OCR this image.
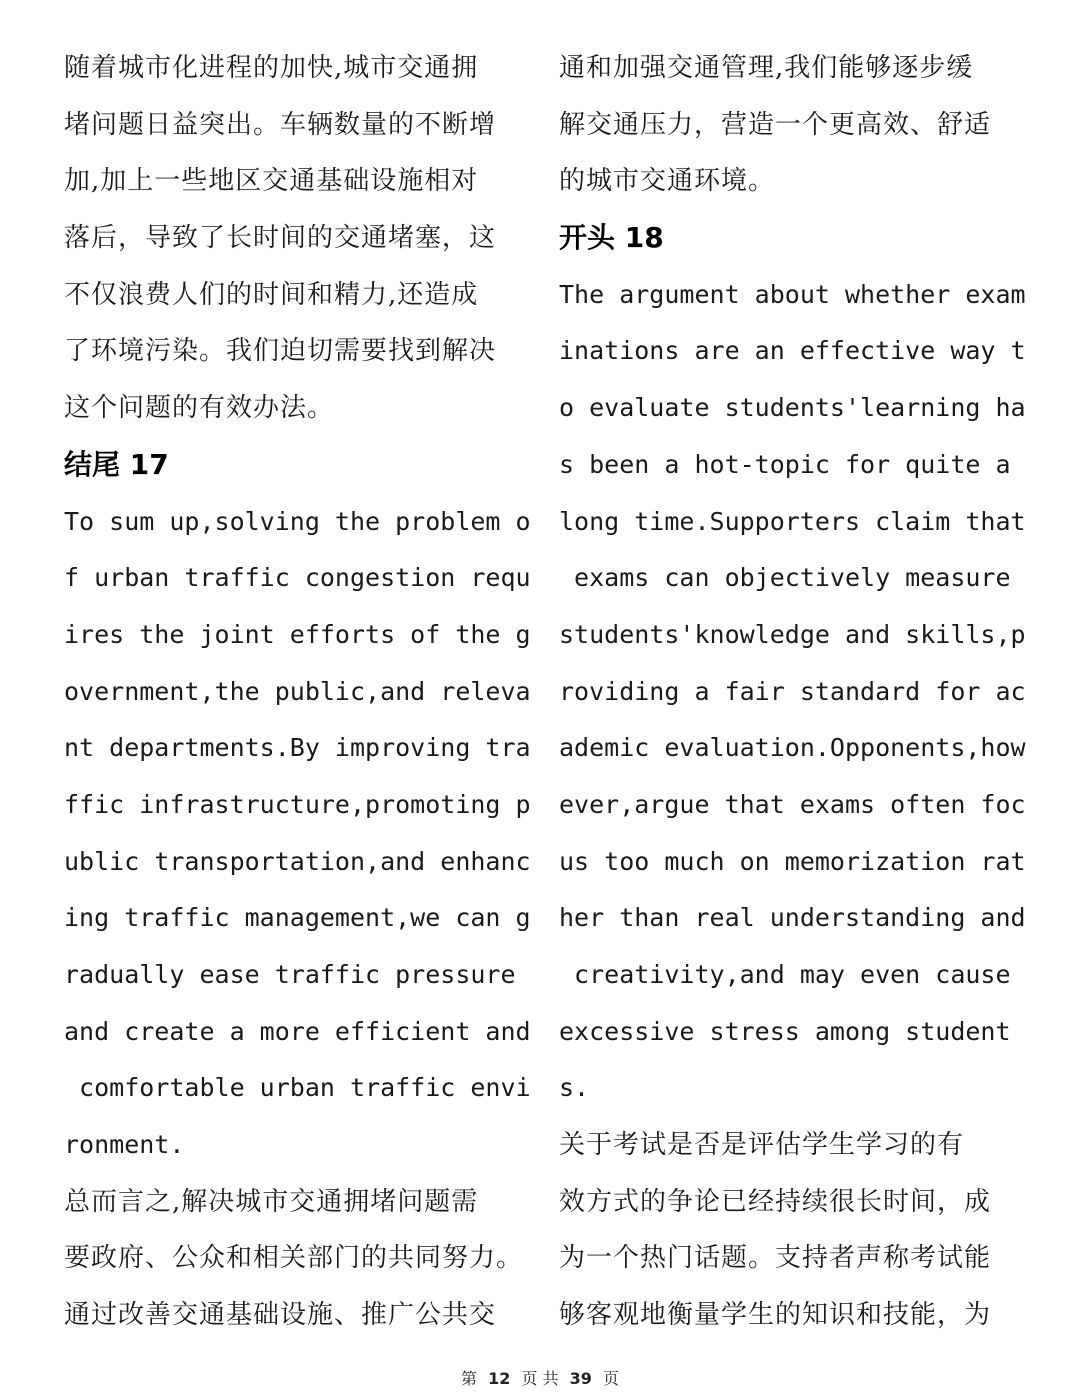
随着城市化进程的加快,城市交通拥
堵问题日益突出。车辆数量的不断增
加,加上一些地区交通基础设施相对
落后，导致了长时间的交通堵塞，这
不仅浪费人们的时间和精力,还造成
了环境污染。我们迫切需要找到解决
这个问题的有效办法。
结尾 17
To sum up,solving the problem o
f urban traffic congestion requ
ires the joint efforts of the g
overnment,the public,and releva
nt departments.By improving tra
ffic infrastructure,promoting p
ublic transportation,and enhanc
ing traffic management,we can g
radually ease traffic pressure
and create a more efficient and
comfortable urban traffic envi
ronment.
总而言之,解决城市交通拥堵问题需
要政府、公众和相关部门的共同努力。
通过改善交通基础设施、推广公共交
通和加强交通管理,我们能够逐步缓
解交通压力，营造一个更高效、舒适
的城市交通环境。
开头 18
The argument about whether exam
inations are an effective way t
o evaluate students'learning ha
s been a hot-topic for quite a
long time.Supporters claim that
exams can objectively measure
students'knowledge and skills,p
roviding a fair standard for ac
ademic evaluation.Opponents,how
ever,argue that exams often foc
us too much on memorization rat
her than real understanding and
creativity,and may even cause
excessive stress among student
s.
关于考试是否是评估学生学习的有
效方式的争论已经持续很长时间，成
为一个热门话题。支持者声称考试能
够客观地衡量学生的知识和技能，为
第 12 页 共 39 页
